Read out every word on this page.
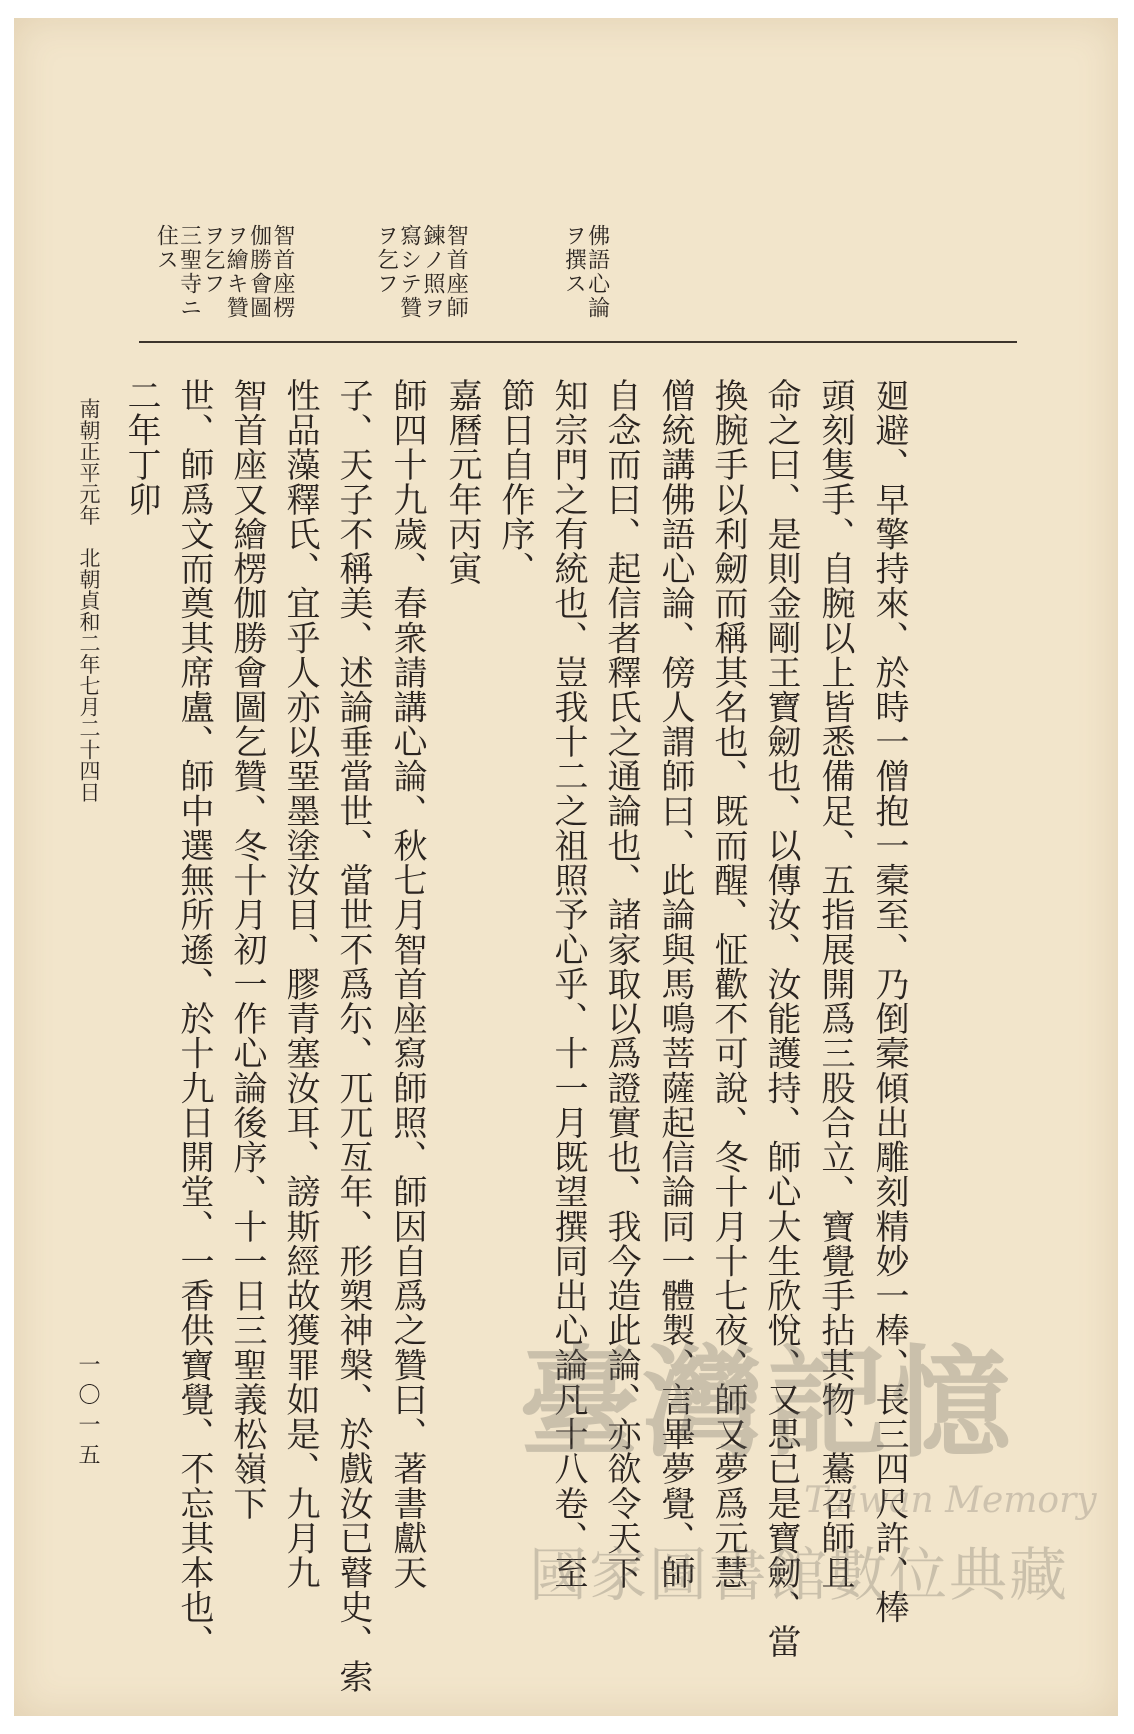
佛語心論
ヲ撰ス
智首座師
鍊ノ照ヲ
寫シテ贊
ヲ乞フ
智首座楞
伽勝會圖
ヲ繪キ贊
ヲ乞フ
三聖寺ニ
住ス
廻避、早擎持來、於時一僧抱一槖至、乃倒槖傾出雕刻精妙一棒、長三四尺許、棒
頭刻隻手、自腕以上皆悉備足、五指展開爲三股合立、寶覺手拈其物、驀召師且
命之曰、是則金剛王寶劒也、以傳汝、汝能護持、師心大生欣悅、又思已是寶劒、當
換腕手以利劒而稱其名也、既而醒、怔歡不可說、冬十月十七夜、師又夢爲元慧
僧統講佛語心論、傍人謂師曰、此論與馬鳴菩薩起信論同一體製、言畢夢覺、師
自念而曰、起信者釋氏之通論也、諸家取以爲證實也、我今造此論、亦欲令天下
知宗門之有統也、豈我十二之祖照予心乎、十一月既望撰同出心論凡十八卷、至
節日自作序、
嘉曆元年丙寅
師四十九歲、春衆請講心論、秋七月智首座寫師照、師因自爲之贊曰、著書獻天
子、天子不稱美、述論垂當世、當世不爲尓、兀兀亙年、形槊神槃、於戲汝已瞽史、索
性品藻釋氏、宜乎人亦以堊墨塗汝目、膠青塞汝耳、謗斯經故獲罪如是、九月九
智首座又繪楞伽勝會圖乞贊、冬十月初一作心論後序、十一日三聖義松嶺下
世、師爲文而奠其席盧、師中選無所遜、於十九日開堂、一香供寶覺、不忘其本也、
二年丁卯
南朝正平元年　北朝貞和二年七月二十四日
一〇一五	臺灣記憶
Taiwan Memory
國家圖書館數位典藏
